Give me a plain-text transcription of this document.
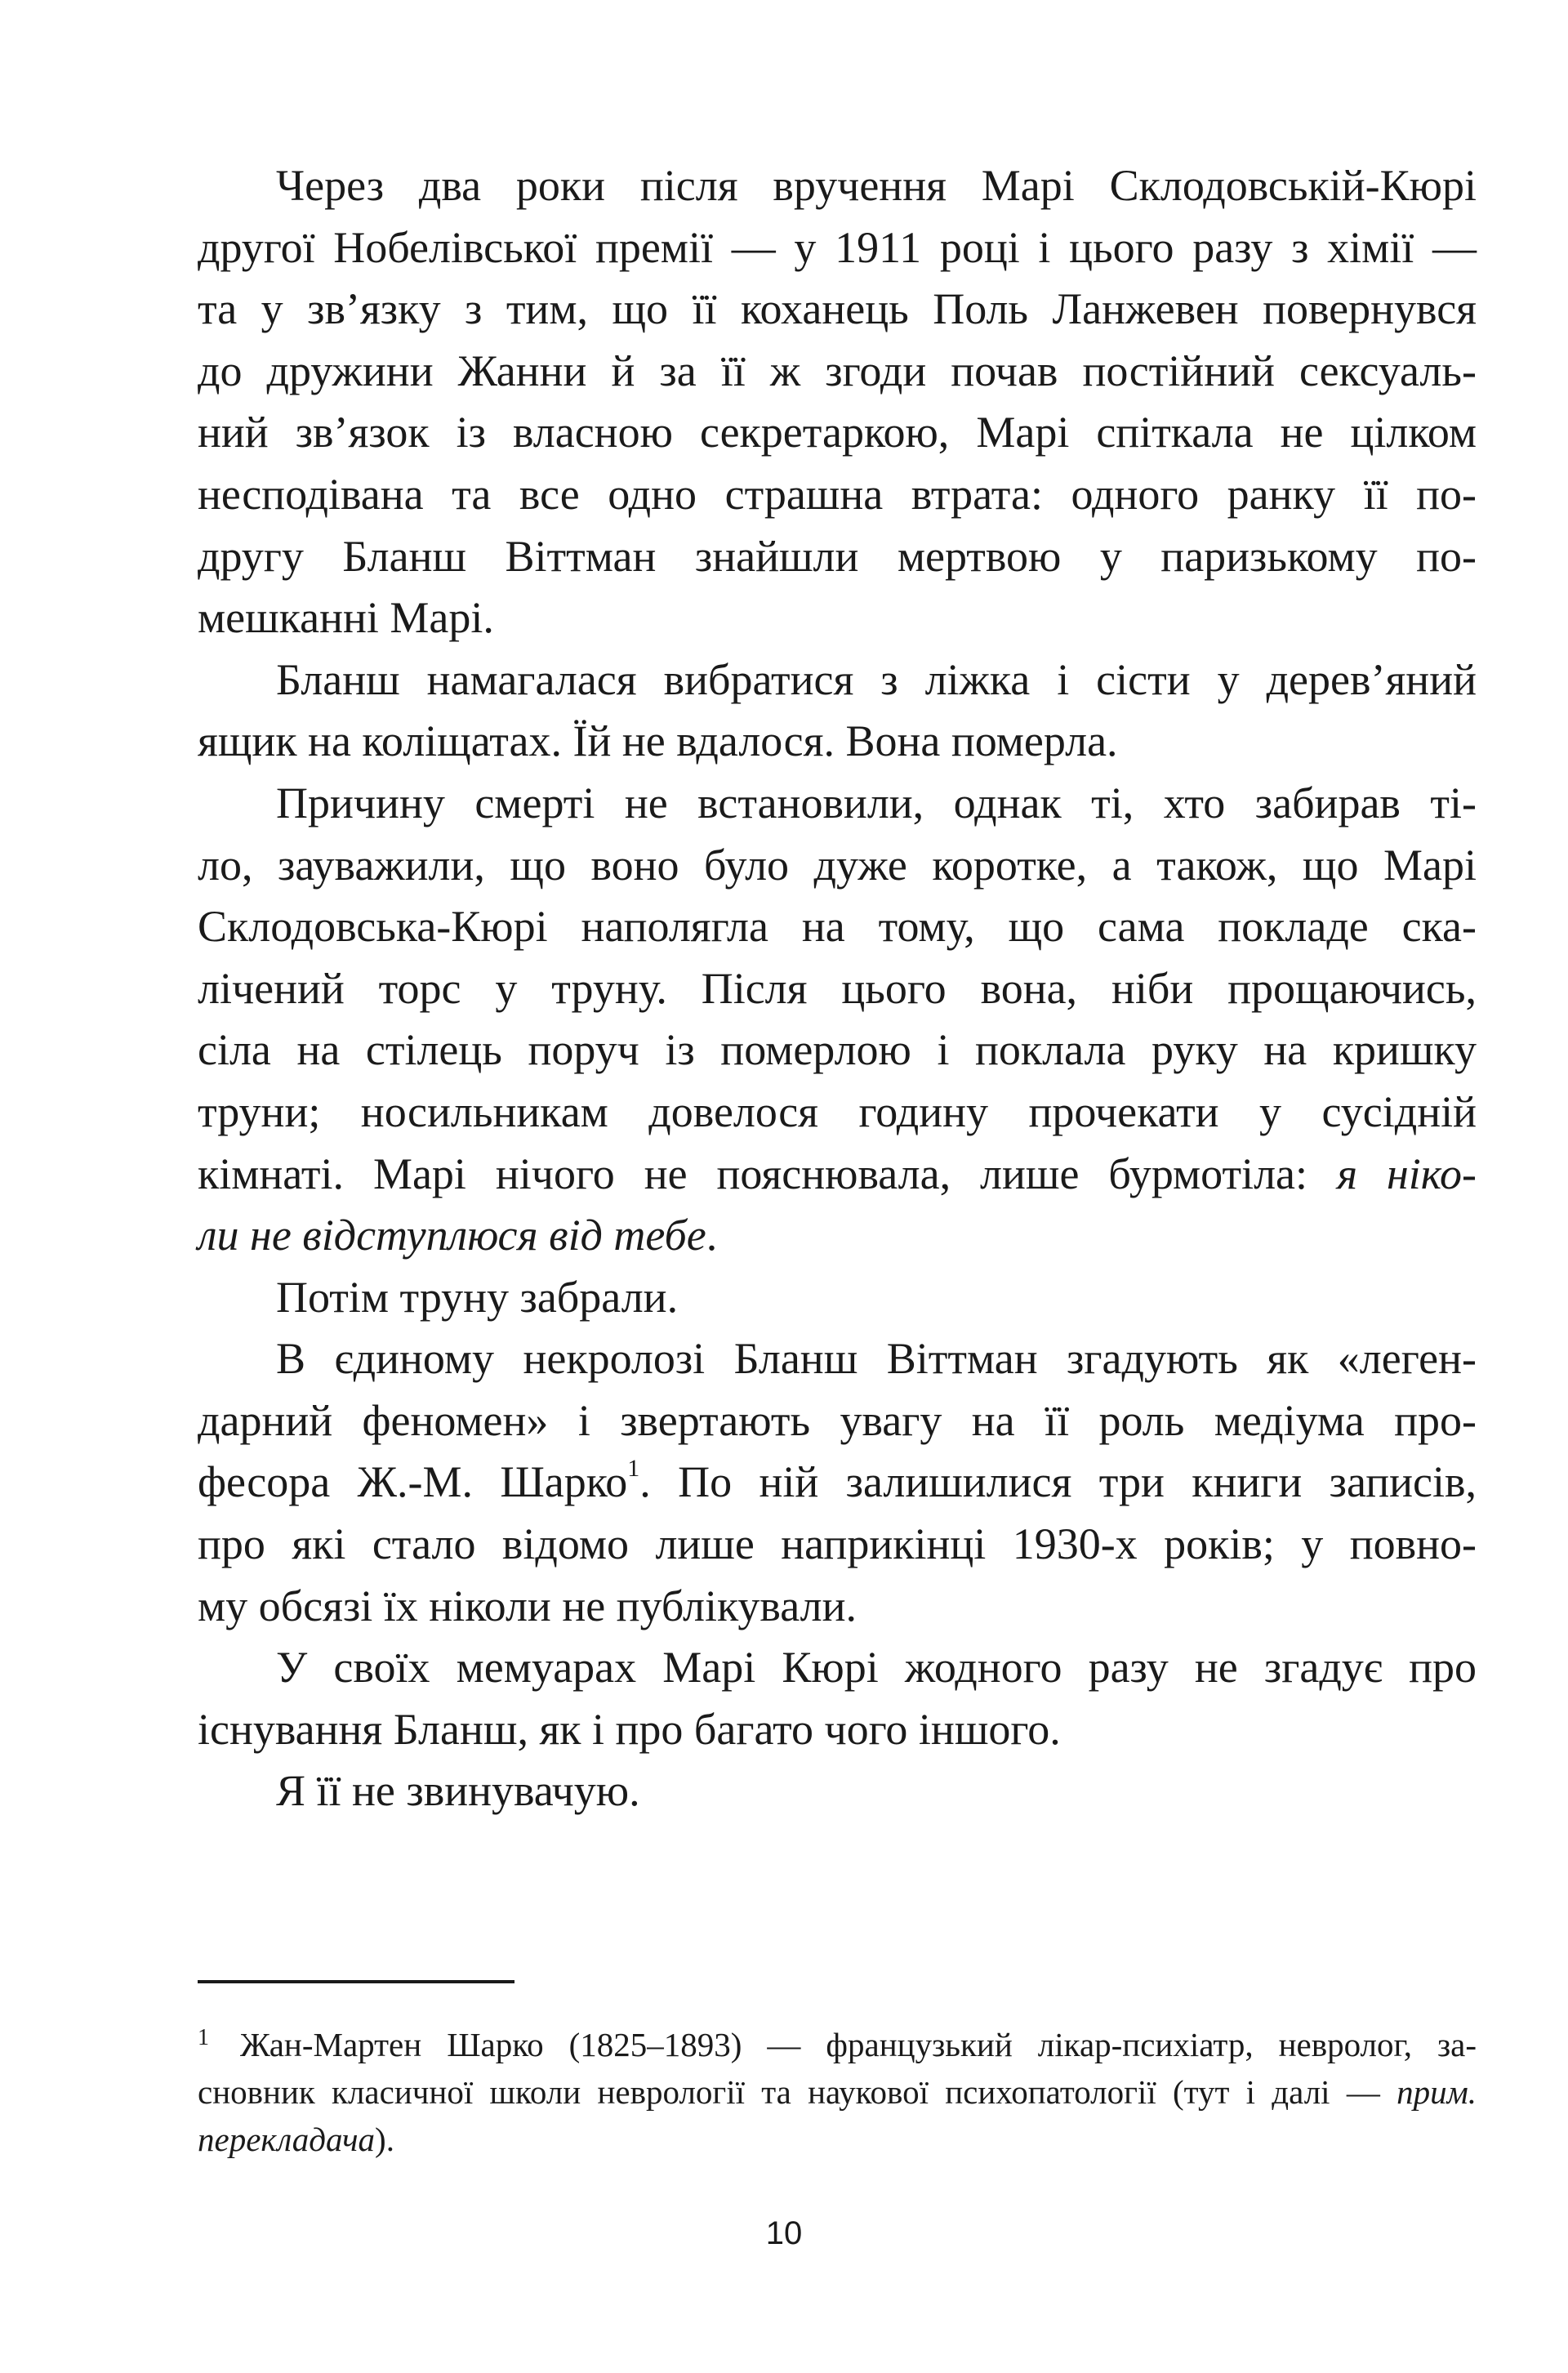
Через два роки після вручення Марі Склодовській-Кюрі
другої Нобелівської премії — у 1911 році і цього разу з хімії —
та у зв’язку з тим, що її коханець Поль Ланжевен повернувся
до дружини Жанни й за її ж згоди почав постійний сексуаль-
ний зв’язок із власною секретаркою, Марі спіткала не цілком
несподівана та все одно страшна втрата: одного ранку її по-
другу Бланш Віттман знайшли мертвою у паризькому по-
мешканні Марі.
Бланш намагалася вибратися з ліжка і сісти у дерев’яний
ящик на коліщатах. Їй не вдалося. Вона померла.
Причину смерті не встановили, однак ті, хто забирав ті-
ло, зауважили, що воно було дуже коротке, а також, що Марі
Склодовська-Кюрі наполягла на тому, що сама покладе ска-
лічений торс у труну. Після цього вона, ніби прощаючись,
сіла на стілець поруч із померлою і поклала руку на кришку
труни; носильникам довелося годину прочекати у сусідній
кімнаті. Марі нічого не пояснювала, лише бурмотіла: я ніко-
ли не відступлюся від тебе.
Потім труну забрали.
В єдиному некролозі Бланш Віттман згадують як «леген-
дарний феномен» і звертають увагу на її роль медіума про-
фесора Ж.-М. Шарко$^1$. По ній залишилися три книги записів,
про які стало відомо лише наприкінці 1930-х років; у повно-
му обсязі їх ніколи не публікували.
У своїх мемуарах Марі Кюрі жодного разу не згадує про
існування Бланш, як і про багато чого іншого.
Я її не звинувачую.
1 Жан-Мартен Шарко (1825–1893) — французький лікар-психіатр, невролог, за-
сновник класичної школи неврології та наукової психопатології (тут і далі — прим.
перекладача).
10
